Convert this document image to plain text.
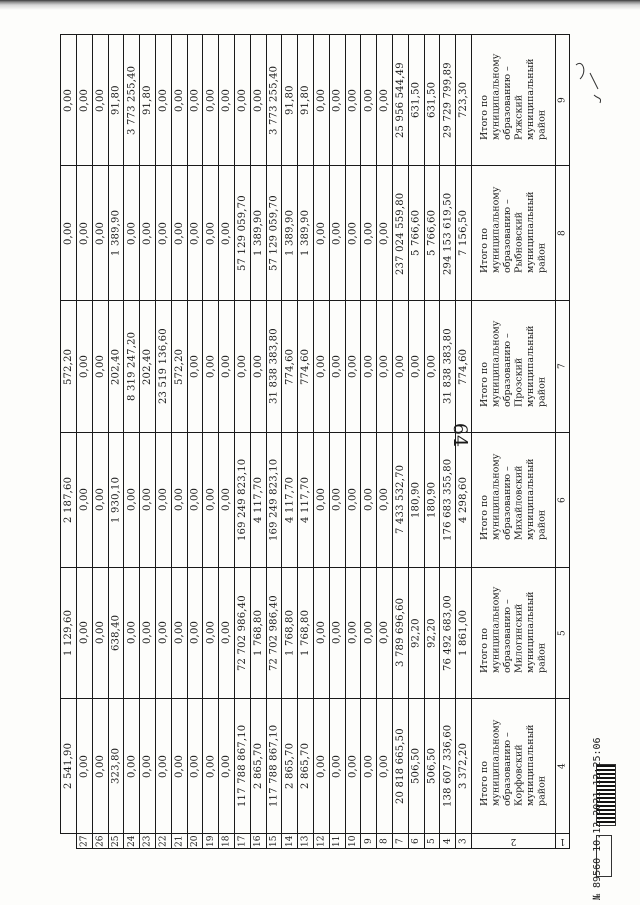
64
1	2	3	4	5	6	7	8	9	10	11	12	13	14	15	16	17	18	19	20	21	22	23	24	25	26	27	

4	Итого по муниципальному образованию – Корфовский муниципальный район	3 372,20	138 607 336,60	506,50	506,50	20 818 665,50	0,00	0,00	0,00	0,00	0,00	2 865,70	2 865,70	117 788 867,10	2 865,70	117 788 867,10	0,00	0,00	0,00	0,00	0,00	0,00	0,00	323,80	0,00	0,00	2 541,90

5	Итого по муниципальному образованию – Милогинский муниципальный район	1 861,00	76 492 683,00	92,20	92,20	3 789 696,60	0,00	0,00	0,00	0,00	0,00	1 768,80	1 768,80	72 702 986,40	1 768,80	72 702 986,40	0,00	0,00	0,00	0,00	0,00	0,00	0,00	638,40	0,00	0,00	1 129,60

6	Итого по муниципальному образованию – Михайловский муниципальный район	4 298,60	176 683 355,80	180,90	180,90	7 433 532,70	0,00	0,00	0,00	0,00	0,00	4 117,70	4 117,70	169 249 823,10	4 117,70	169 249 823,10	0,00	0,00	0,00	0,00	0,00	0,00	0,00	1 930,10	0,00	0,00	2 187,60

7	Итого по муниципальному образованию – Прозский муниципальный район	774,60	31 838 383,80	0,00	0,00	0,00	0,00	0,00	0,00	0,00	0,00	774,60	774,60	31 838 383,80	0,00	0,00	0,00	0,00	0,00	572,20	23 519 136,60	202,40	8 319 247,20	202,40	0,00	0,00	572,20

8	Итого по муниципальному образованию – Рыбновский муниципальный район	7 156,50	294 153 619,50	5 766,60	5 766,60	237 024 559,80	0,00	0,00	0,00	0,00	0,00	1 389,90	1 389,90	57 129 059,70	1 389,90	57 129 059,70	0,00	0,00	0,00	0,00	0,00	0,00	0,00	1 389,90	0,00	0,00	0,00

9	Итого по муниципальному образованию – Ряжский муниципальный район	723,30	29 729 799,89	631,50	631,50	25 956 544,49	0,00	0,00	0,00	0,00	0,00	91,80	91,80	3 773 255,40	0,00	0,00	0,00	0,00	0,00	0,00	0,00	91,80	3 773 255,40	91,80	0,00	0,00	0,00
№ 89560 10.12.2021 12:25:06
